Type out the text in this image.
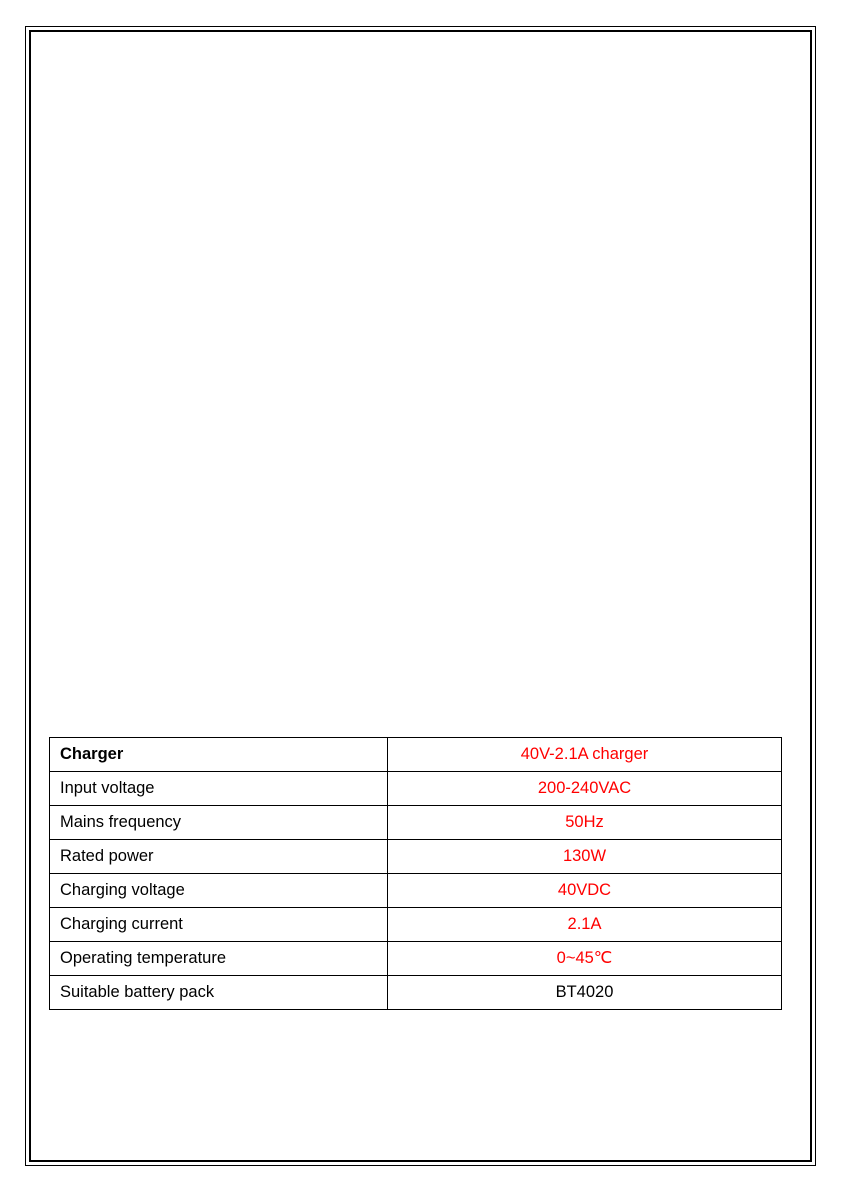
Charger	40V-2.1A charger
Input voltage	200-240VAC
Mains frequency	50Hz
Rated power	130W
Charging voltage	40VDC
Charging current	2.1A
Operating temperature	0~45℃
Suitable battery pack	BT4020
